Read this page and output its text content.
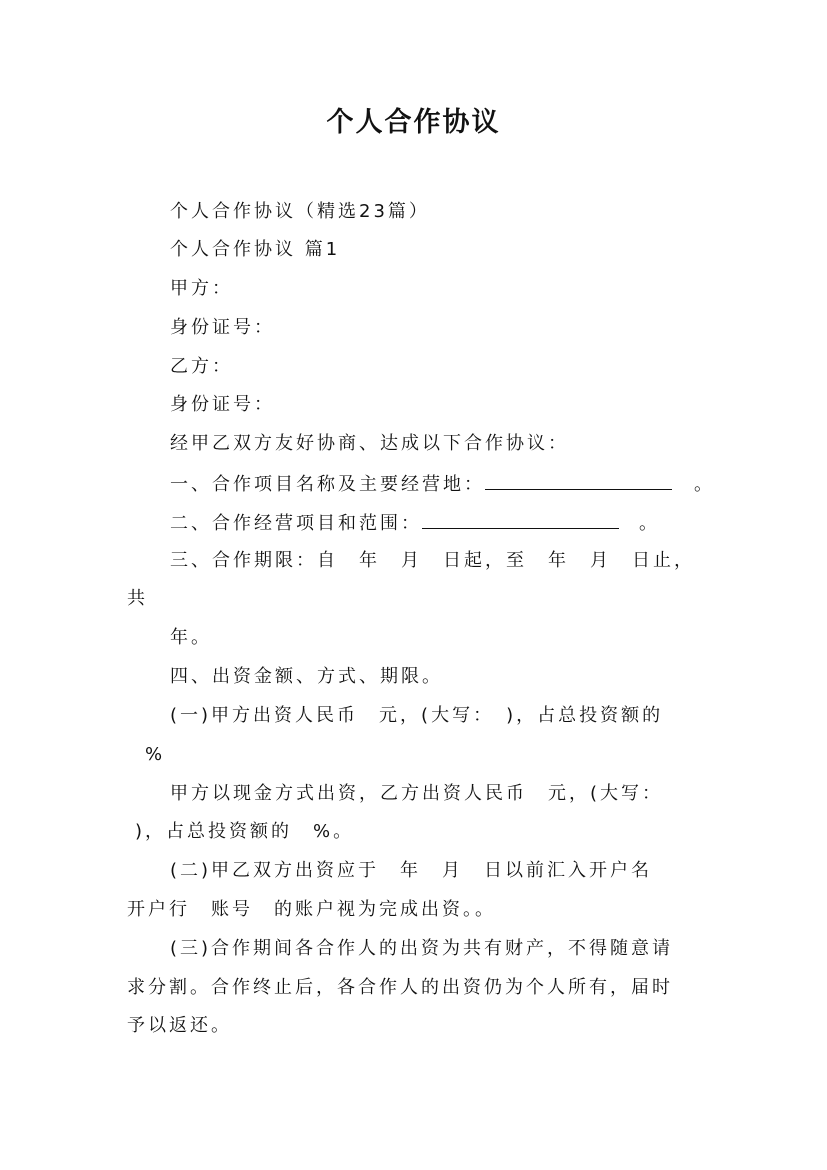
个人合作协议
个人合作协议（精选23篇）
个人合作协议 篇1
甲方：
身份证号：
乙方：
身份证号：
经甲乙双方友好协商、达成以下合作协议：
一、合作项目名称及主要经营地：	。
二、合作经营项目和范围：	。
三、合作期限：自　年　月　日起，至　年　月　日止，
共
年。
四、出资金额、方式、期限。
(一)甲方出资人民币　元，(大写：　)，占总投资额的
%
甲方以现金方式出资，乙方出资人民币　元，(大写：
)，占总投资额的　%。
(二)甲乙双方出资应于　年　月　日以前汇入开户名
开户行　账号　的账户视为完成出资。。
(三)合作期间各合作人的出资为共有财产，不得随意请
求分割。合作终止后，各合作人的出资仍为个人所有，届时
予以返还。
